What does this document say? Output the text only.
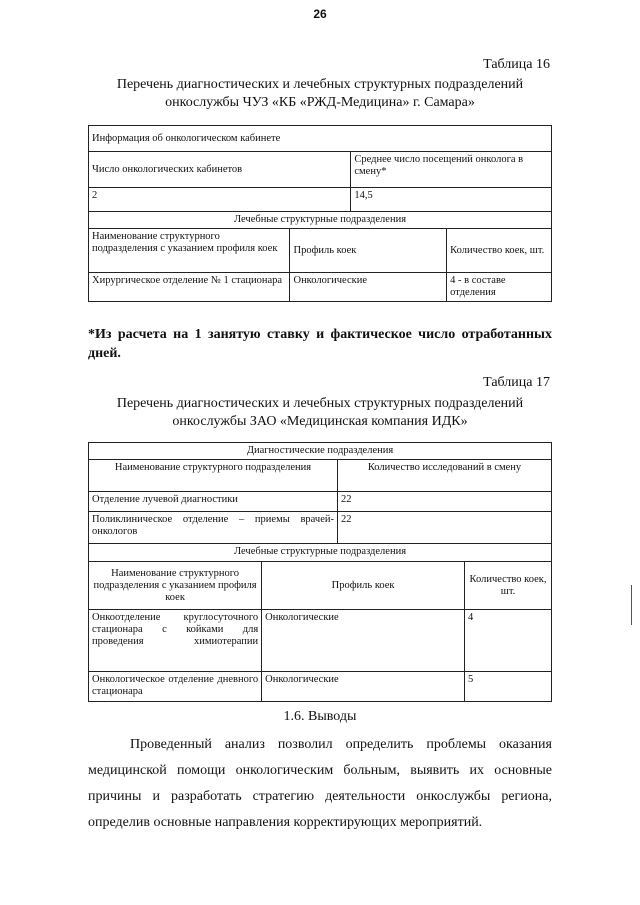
26
Таблица 16
Перечень диагностических и лечебных структурных подразделений
онкослужбы ЧУЗ «КБ «РЖД-Медицина» г. Самара»
Информация об онкологическом кабинете			
Число онкологических кабинетов		Среднее число посещений онколога в смену*	
2		14,5	
Лечебные структурные подразделения			
Наименование структурного подразделения с указанием профиля коек	Профиль коек		Количество коек, шт.
Хирургическое отделение № 1 стационара	Онкологические		4 - в составе отделения
*Из расчета на 1 занятую ставку и фактическое число отработанных дней.
Таблица 17
Перечень диагностических и лечебных структурных подразделений
онкослужбы ЗАО «Медицинская компания ИДК»
Диагностические подразделения			
Наименование структурного подразделения		Количество исследований в смену	
Отделение лучевой диагностики		22	
Поликлиническое отделение – приемы врачей-онкологов		22	
Лечебные структурные подразделения			
Наименование структурного подразделения с указанием профиля коек	Профиль коек		Количество коек, шт.
Онкоотделение круглосуточного стационара с койками для проведения химиотерапии	Онкологические		4
Онкологическое отделение дневного стационара	Онкологические		5
1.6. Выводы
Проведенный анализ позволил определить проблемы оказания медицинской помощи онкологическим больным, выявить их основные причины и разработать стратегию деятельности онкослужбы региона, определив основные направления корректирующих мероприятий.
